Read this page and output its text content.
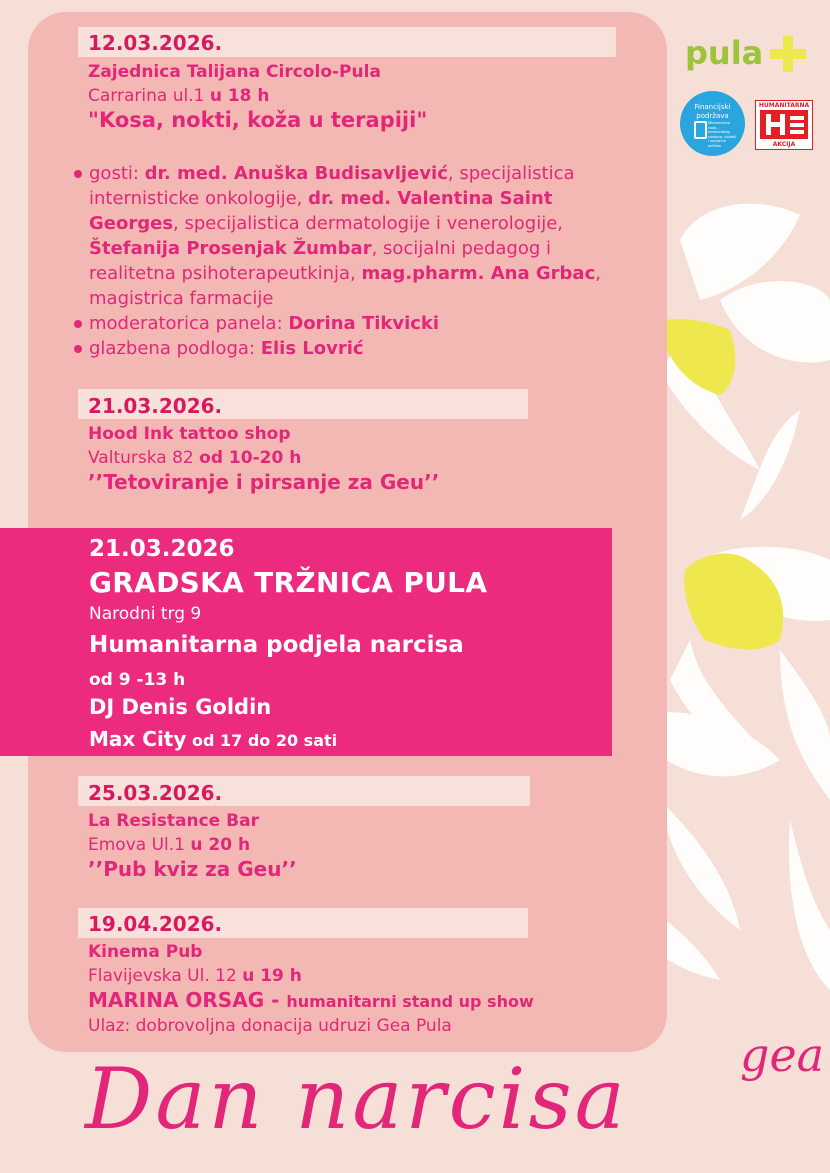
pula
Financijski
podržava
Ministarstvo rada, mirovinskog sustava, obitelji i socijalne politike
HUMANITARNA
AKCIJA
12.03.2026.
Zajednica Talijana Circolo-Pula
Carrarina ul.1 u 18 h
"Kosa, nokti, koža u terapiji"
gosti: dr. med. Anuška Budisavljević, specijalistica internisticke onkologije, dr. med. Valentina Saint Georges, specijalistica dermatologije i venerologije, Štefanija Prosenjak Žumbar, socijalni pedagog i realitetna psihoterapeutkinja, mag.pharm. Ana Grbac, magistrica farmacije
moderatorica panela: Dorina Tikvicki
glazbena podloga: Elis Lovrić
21.03.2026.
Hood Ink tattoo shop
Valturska 82 od 10-20 h
’’Tetoviranje i pirsanje za Geu’’
21.03.2026
GRADSKA TRŽNICA PULA
Narodni trg 9
Humanitarna podjela narcisa
od 9 -13 h
DJ Denis Goldin
Max City od 17 do 20 sati
25.03.2026.
La Resistance Bar
Emova Ul.1 u 20 h
’’Pub kviz za Geu’’
19.04.2026.
Kinema Pub
Flavijevska Ul. 12 u 19 h
MARINA ORSAG - humanitarni stand up show
Ulaz: dobrovoljna donacija udruzi Gea Pula
gea
Dan narcisa
